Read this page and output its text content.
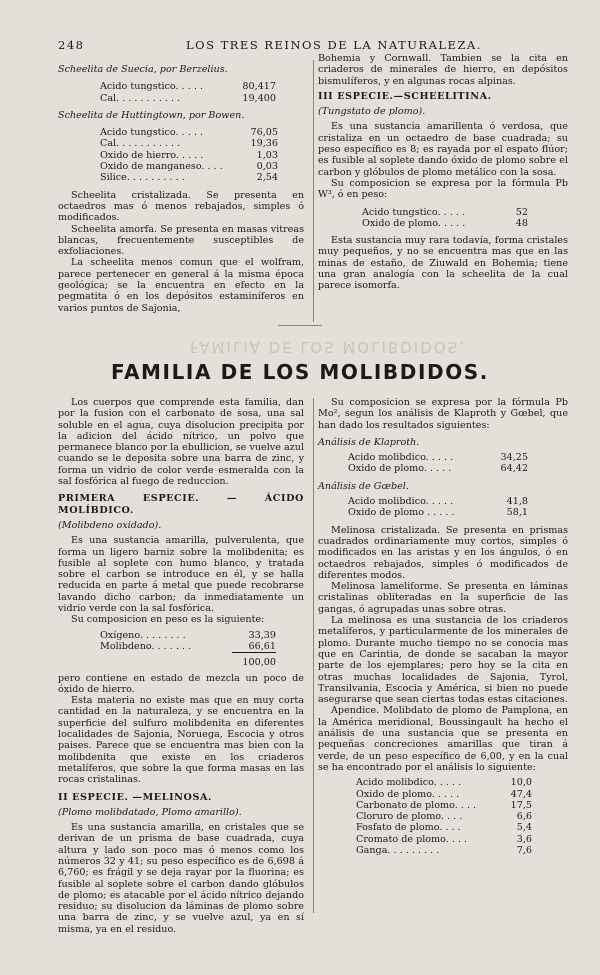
FAMILIA DE LOS MOLIBDIDOS.
248	LOS TRES REINOS DE LA NATURALEZA.

Scheelita de Suecia, por Berzelius.

Acido tungstico. . . . .	80,417
Cal. . . . . . . . . . .	19,400

Scheelita de Huttingtown, por Bowen.

Acido tungstico. . . . .	76,05
Cal. . . . . . . . . . .	19,36
Oxido de hierro. . . . .	1,03
Oxido de manganeso. . . .	0,03
Silice. . . . . . . . . .	2,54

Scheelita cristalizada. Se presenta en octaedros mas ó menos rebajados, simples ó modificados.

Scheelita amorfa. Se presenta en masas vitreas blancas, frecuentemente susceptibles de exfoliaciones.

La scheelita menos comun que el wolfram, parece pertenecer en general á la misma época geológica; se la encuentra en efecto en la pegmatita ó en los depósitos estaminíferos en varios puntos de Sajonia,

Bohemia y Cornwall. Tambien se la cita en criaderos de minerales de hierro, en depósitos bismulíferos, y en algunas rocas alpinas.

III ESPECIE.—SCHEELITINA.

(Tungstato de plomo).

Es una sustancia amarillenta ó verdosa, que cristaliza en un octaedro de base cuadrada; su peso específico es 8; es rayada por el espato flúor; es fusible al soplete dando óxido de plomo sobre el carbon y glóbulos de plomo metálico con la sosa.

Su composicion se expresa por la fórmula Pb W³, ó en peso:

Acido tungstico. . . . .	52
Oxido de plomo. . . . .	48

Esta sustancia muy rara todavía, forma cristales muy pequeños, y no se encuentra mas que en las minas de estaño, de Ziuwald en Bohemia; tiene una gran analogía con la scheelita de la cual parece isomorfa.

FAMILIA DE LOS MOLIBDIDOS.

Los cuerpos que comprende esta familia, dan por la fusion con el carbonato de sosa, una sal soluble en el agua, cuya disolucion precipita por la adicion del ácido nítrico, un polvo que permanece blanco por la ebullicion, se vuelve azul cuando se le deposita sobre una barra de zinc, y forma un vidrio de color verde esmeralda con la sal fosfórica al fuego de reduccion.

PRIMERA ESPECIE. — ÁCIDO MOLÍBDICO.

(Molibdeno oxidado).

Es una sustancia amarilla, pulverulenta, que forma un ligero barniz sobre la molibdenita; es fusible al soplete con humo blanco, y tratada sobre el carbon se introduce en él, y se halla reducida en parte á metal que puede recobrarse lavando dicho carbon; da inmediatamente un vidrio verde con la sal fosfórica.

Su composicion en peso es la siguiente:

Oxígeno. . . . . . . .	33,39
Molibdeno. . . . . . .	66,61
	100,00

pero contiene en estado de mezcla un poco de óxido de hierro.

Esta materia no existe mas que en muy corta cantidad en la naturaleza, y se encuentra en la superficie del sulfuro molibdenita en diferentes localidades de Sajonia, Noruega, Escocia y otros paises. Parece que se encuentra mas bien con la molibdenita que existe en los criaderos metalíferos, que sobre la que forma masas en las rocas cristalinas.

II ESPECIE. —MELINOSA.

(Plomo molibdatado, Plomo amarillo).

Es una sustancia amarilla, en cristales que se derivan de un prisma de base cuadrada, cuya altura y lado son poco mas ó menos como los números 32 y 41; su peso específico es de 6,698 á 6,760; es frágil y se deja rayar por la fluorina; es fusible al soplete sobre el carbon dando glóbulos de plomo; es atacable por el ácido nítrico dejando residuo; su disolucion da láminas de plomo sobre una barra de zinc, y se vuelve azul, ya en sí misma, ya en el residuo.

Su composicion se expresa por la fórmula Pb Mo², segun los análisis de Klaproth y Gœbel, que han dado los resultados siguientes:

Análisis de Klaproth.

Acido molibdico. . . . .	34,25
Oxido de plomo. . . . .	64,42

Análisis de Gœbel.

Acido molibdico. . . . .	41,8
Oxido de plomo . . . . .	58,1

Melinosa cristalizada. Se presenta en prismas cuadrados ordinariamente muy cortos, simples ó modificados en las aristas y en los ángulos, ó en octaedros rebajados, simples ó modificados de diferentes modos.

Melinosa lameliforme. Se presenta en láminas cristalinas obliteradas en la superficie de las gangas, ó agrupadas unas sobre otras.

La melinosa es una sustancia de los criaderos metalíferos, y particularmente de los minerales de plomo. Durante mucho tiempo no se conocia mas que en Carintia, de donde se sacaban la mayor parte de los ejemplares; pero hoy se la cita en otras muchas localidades de Sajonia, Tyrol, Transilvania, Escocia y América, si bien no puede asegurarse que sean ciertas todas estas citaciones.

Apendice. Molibdato de plomo de Pamplona, en la América meridional, Boussingault ha hecho el análisis de una sustancia que se presenta en pequeñas concreciones amarillas que tiran á verde, de un peso específico de 6,00, y en la cual se ha encontrado por el análisis lo siguiente:

Acido molibdico. . . . .	10,0
Oxido de plomo. . . . .	47,4
Carbonato de plomo. . . .	17,5
Cloruro de plomo. . . .	6,6
Fosfato de plomo. . . .	5,4
Cromato de plomo. . . .	3,6
Ganga. . . . . . . . .	7,6
